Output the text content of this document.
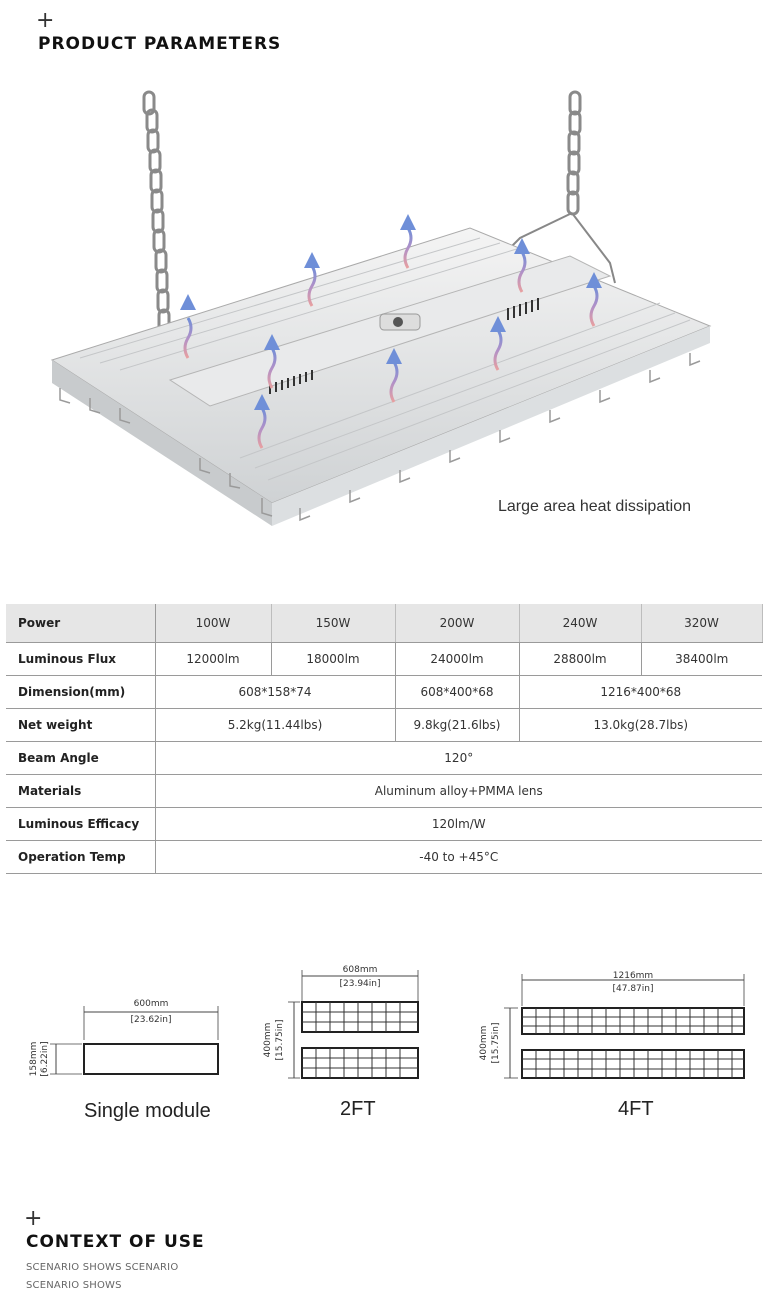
+
PRODUCT PARAMETERS
Large area heat dissipation
Power	100W	150W	200W	240W	320W
Luminous Flux	12000lm	18000lm	24000lm	28800lm	38400lm
Dimension(mm)	608*158*74		608*400*68	1216*400*68	
Net weight	5.2kg(11.44lbs)		9.8kg(21.6lbs)	13.0kg(28.7lbs)	
Beam Angle	120°				
Materials	Aluminum alloy+PMMA lens				
Luminous Efficacy	120lm/W				
Operation Temp	-40 to +45°C				
600mm
[23.62in]
158mm [6.22in]
608mm
[23.94in]
400mm [15.75in]
1216mm
[47.87in]
400mm [15.75in]
Single module	2FT	4FT
+
CONTEXT OF USE
SCENARIO SHOWS SCENARIO
SCENARIO SHOWS
